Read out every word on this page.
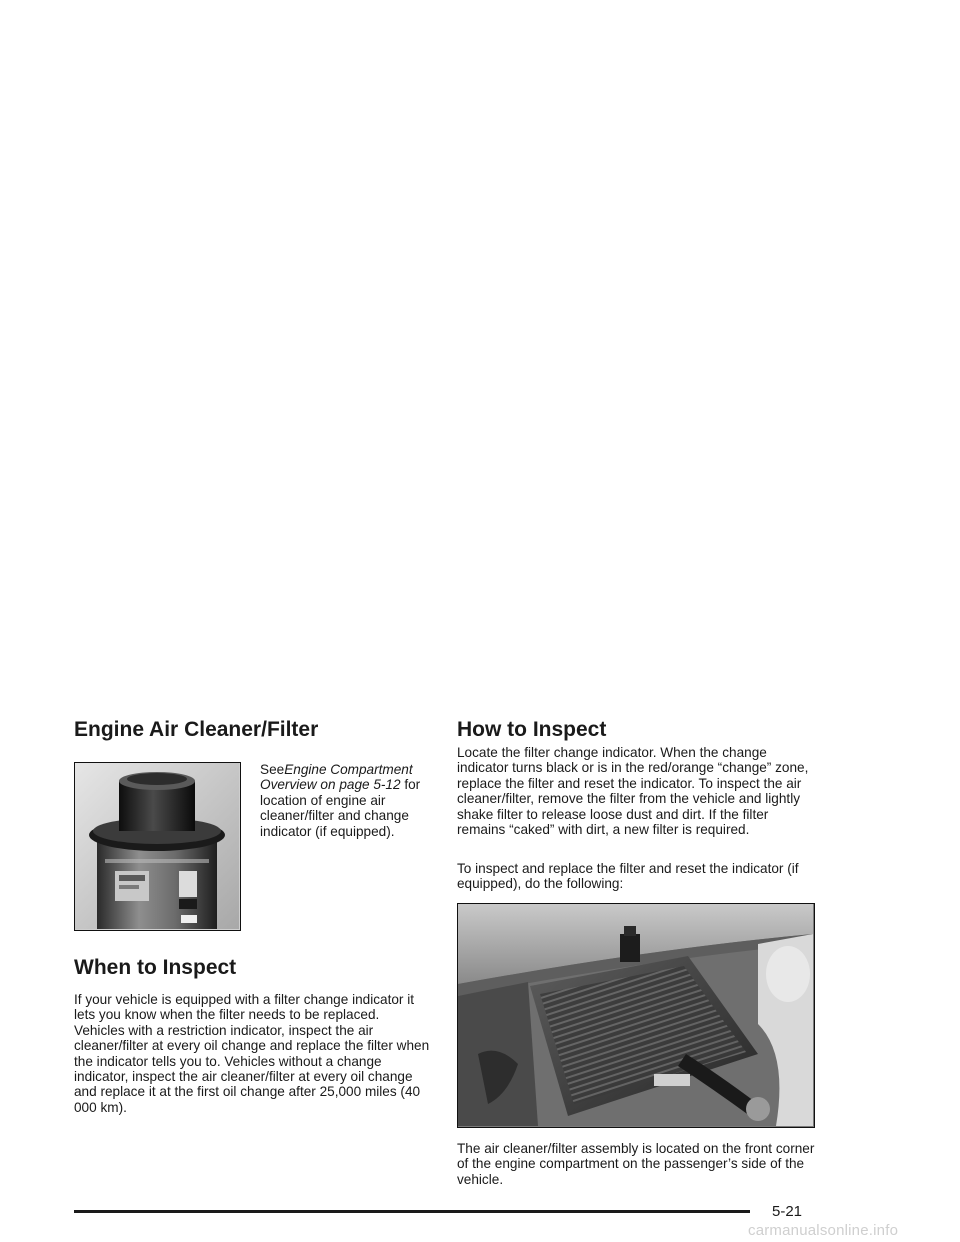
Engine Air Cleaner/Filter

SeeEngine Compartment Overview on page 5-12 for location of engine air cleaner/filter and change indicator (if equipped).

When to Inspect

If your vehicle is equipped with a filter change indicator it lets you know when the filter needs to be replaced. Vehicles with a restriction indicator, inspect the air cleaner/filter at every oil change and replace the filter when the indicator tells you to. Vehicles without a change indicator, inspect the air cleaner/filter at every oil change and replace it at the first oil change after 25,000 miles (40 000 km).

How to Inspect

Locate the filter change indicator. When the change indicator turns black or is in the red/orange “change” zone, replace the filter and reset the indicator. To inspect the air cleaner/filter, remove the filter from the vehicle and lightly shake filter to release loose dust and dirt. If the filter remains “caked” with dirt, a new filter is required.

To inspect and replace the filter and reset the indicator (if equipped), do the following:

The air cleaner/filter assembly is located on the front corner of the engine compartment on the passenger’s side of the vehicle.

5-21
carmanualsonline.info
